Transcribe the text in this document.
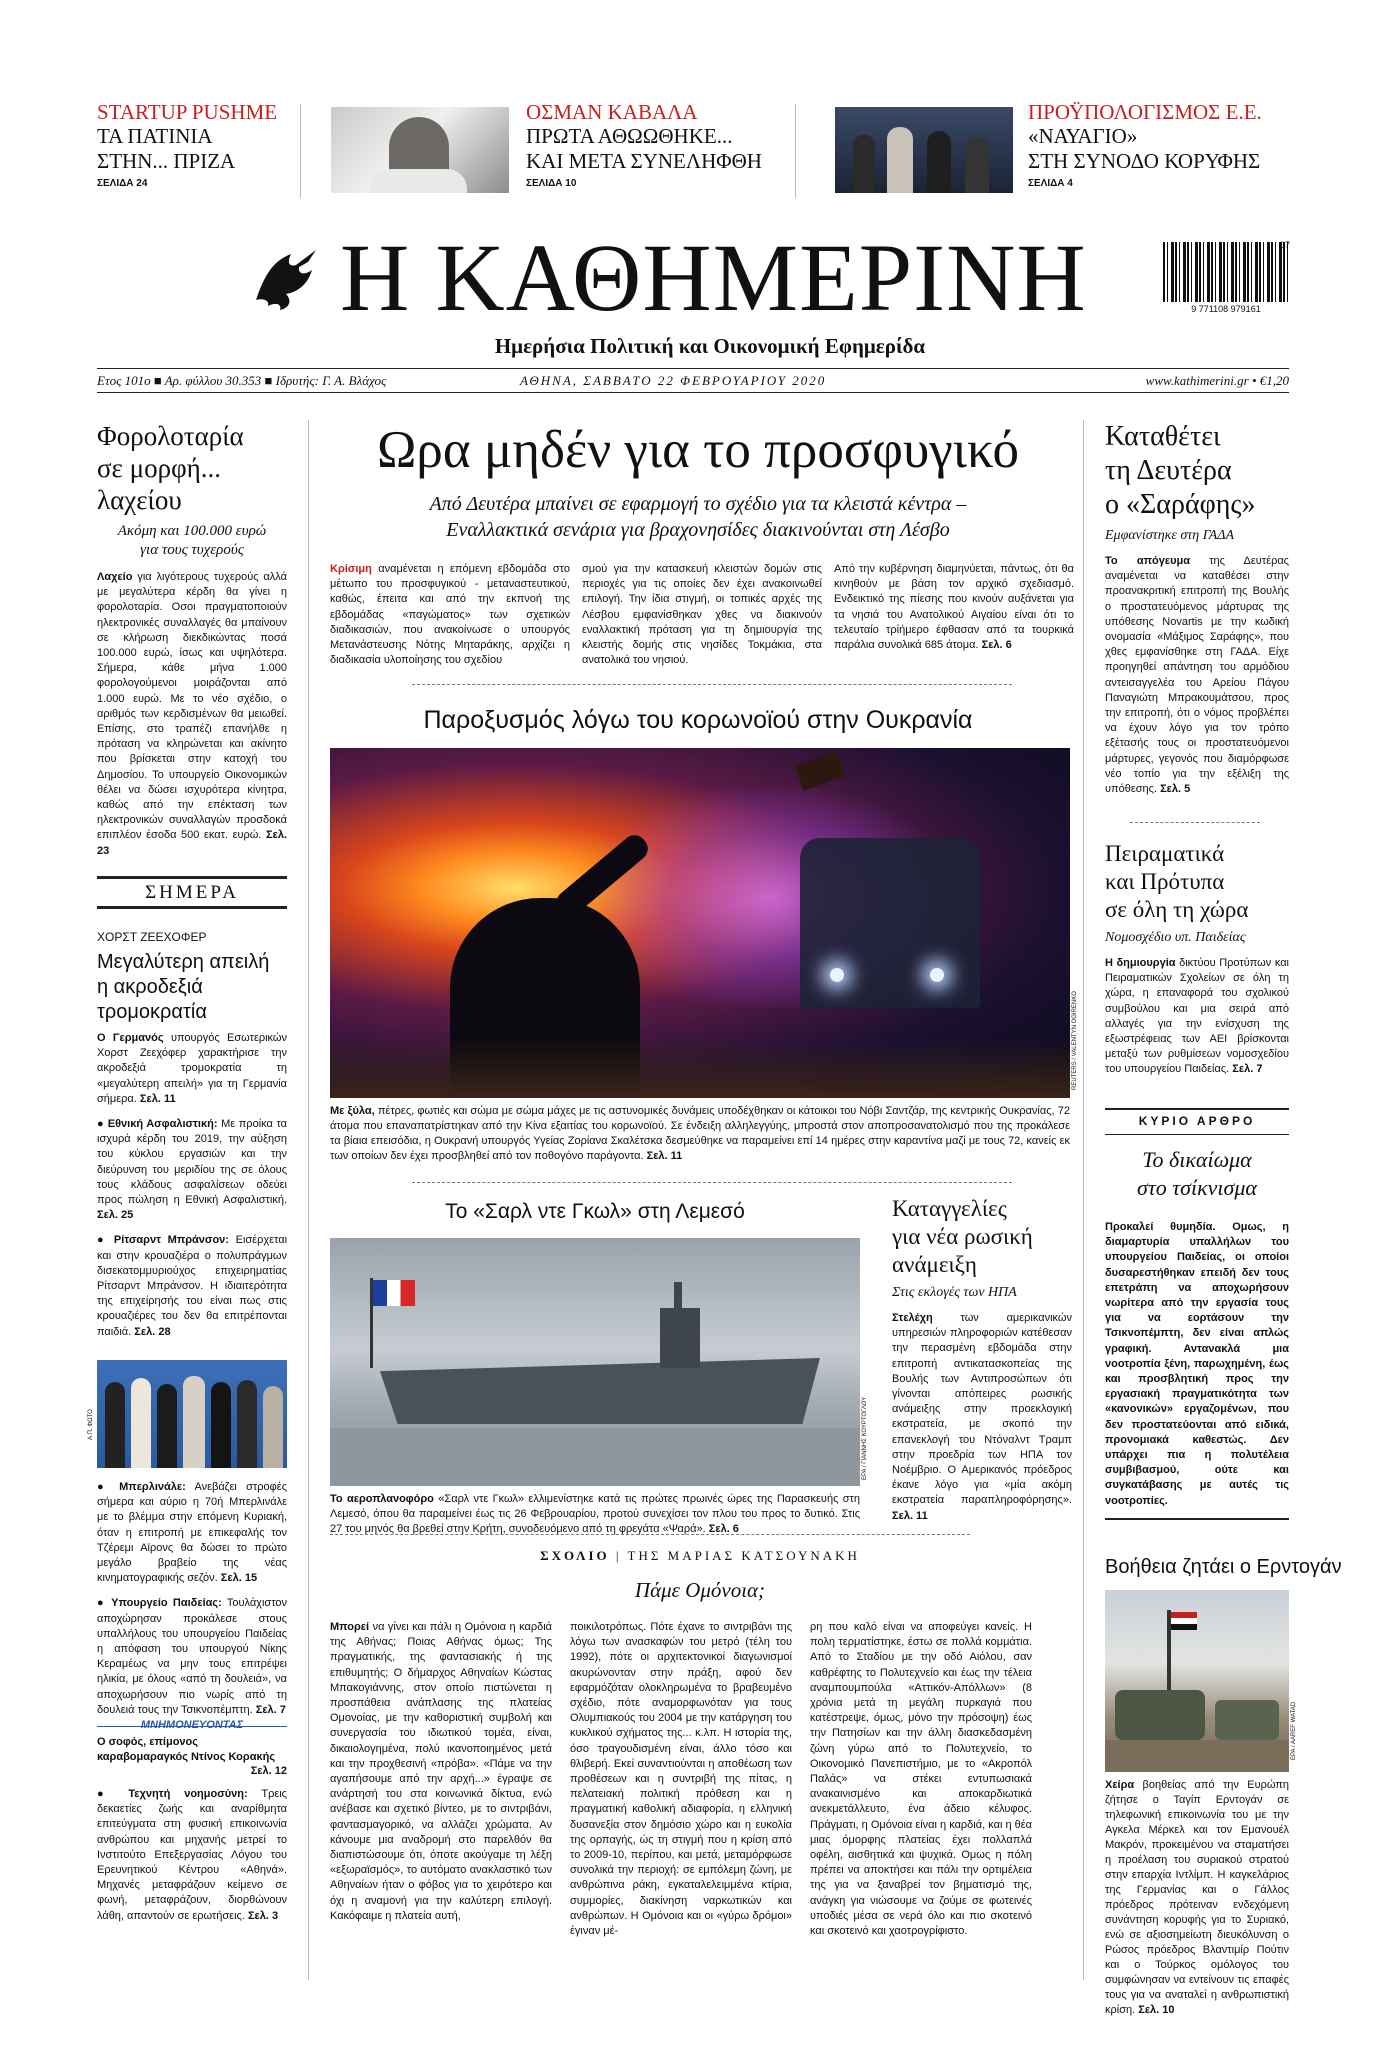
STARTUP PUSHME
ΤΑ ΠΑΤΙΝΙΑ
ΣΤΗΝ... ΠΡΙΖΑ
ΣΕΛΙΔΑ 24
ΟΣΜΑΝ ΚΑΒΑΛΑ
ΠΡΩΤΑ ΑΘΩΩΘΗΚΕ...
ΚΑΙ ΜΕΤΑ ΣΥΝΕΛΗΦΘΗ
ΣΕΛΙΔΑ 10
ΠΡΟΫΠΟΛΟΓΙΣΜΟΣ Ε.Ε.
«ΝΑΥΑΓΙΟ»
ΣΤΗ ΣΥΝΟΔΟ ΚΟΡΥΦΗΣ
ΣΕΛΙΔΑ 4
Η ΚΑΘΗΜΕΡΙΝΗ
Ημερήσια Πολιτική και Οικονομική Εφημερίδα
07
9 771108 979161
Ετος 101ο ■ Αρ. φύλλου 30.353 ■ Ιδρυτής: Γ. Α. Βλάχος	ΑΘΗΝΑ, ΣΑΒΒΑΤΟ 22 ΦΕΒΡΟΥΑΡΙΟΥ 2020	www.kathimerini.gr • €1,20
Φορολοταρία
σε μορφή...
λαχείου
Ακόμη και 100.000 ευρώ
για τους τυχερούς

Λαχείο για λιγότερους τυχερούς αλλά με μεγαλύτερα κέρδη θα γίνει η φορολοταρία. Οσοι πραγματοποιούν ηλεκτρονικές συναλλαγές θα μπαίνουν σε κλήρωση διεκδικώντας ποσά 100.000 ευρώ, ίσως και υψηλότερα. Σήμερα, κάθε μήνα 1.000 φορολογούμενοι μοιράζονται από 1.000 ευρώ. Με το νέο σχέδιο, ο αριθμός των κερδισμένων θα μειωθεί. Επίσης, στο τραπέζι επανήλθε η πρόταση να κληρώνεται και ακίνητο που βρίσκεται στην κατοχή του Δημοσίου. Το υπουργείο Οικονομικών θέλει να δώσει ισχυρότερα κίνητρα, καθώς από την επέκταση των ηλεκτρονικών συναλλαγών προσδοκά επιπλέον έσοδα 500 εκατ. ευρώ. Σελ. 23

ΣΗΜΕΡΑ
ΧΟΡΣΤ ΖΕΕΧΟΦΕΡ
Μεγαλύτερη απειλή
η ακροδεξιά
τρομοκρατία

Ο Γερμανός υπουργός Εσωτερικών Χορστ Ζεεχόφερ χαρακτήρισε την ακροδεξιά τρομοκρατία τη «μεγαλύτερη απειλή» για τη Γερμανία σήμερα. Σελ. 11

● Εθνική Ασφαλιστική: Με προίκα τα ισχυρά κέρδη του 2019, την αύξηση του κύκλου εργασιών και την διεύρυνση του μεριδίου της σε όλους τους κλάδους ασφαλίσεων οδεύει προς πώληση η Εθνική Ασφαλιστική. Σελ. 25

● Ρίτσαρντ Μπράνσον: Εισέρχεται και στην κρουαζιέρα ο πολυπράγμων δισεκατομμυριούχος επιχειρηματίας Ρίτσαρντ Μπράνσον. Η ιδιαιτερότητα της επιχείρησής του είναι πως στις κρουαζιέρες του δεν θα επιτρέπονται παιδιά. Σελ. 28

Α.Π. ΦΩΤΟ

● Μπερλινάλε: Ανεβάζει στροφές σήμερα και αύριο η 70ή Μπερλινάλε με το βλέμμα στην επόμενη Κυριακή, όταν η επιτροπή με επικεφαλής τον Τζέρεμι Αϊρονς θα δώσει το πρώτο μεγάλο βραβείο της νέας κινηματογραφικής σεζόν. Σελ. 15

● Υπουργείο Παιδείας: Τουλάχιστον αποχώρησαν προκάλεσε στους υπαλλήλους του υπουργείου Παιδείας η απόφαση του υπουργού Νίκης Κεραμέως να μην τους επιτρέψει ηλικία, με όλους «από τη δουλειά», να αποχωρήσουν πιο νωρίς από τη δουλειά τους την Τσικνοπέμπτη. Σελ. 7

ΜΝΗΜΟΝΕΥΟΝΤΑΣ
Ο σοφός, επίμονος καραβομαραγκός Ντίνος Κορακής
Σελ. 12

● Τεχνητή νοημοσύνη: Τρεις δεκαετίες ζωής και αναρίθμητα επιτεύγματα στη φυσική επικοινωνία ανθρώπου και μηχανής μετρεί το Ινστιτούτο Επεξεργασίας Λόγου του Ερευνητικού Κέντρου «Αθηνά». Μηχανές μεταφράζουν κείμενο σε φωνή, μεταφράζουν, διορθώνουν λάθη, απαντούν σε ερωτήσεις. Σελ. 3

Ωρα μηδέν για το προσφυγικό
Από Δευτέρα μπαίνει σε εφαρμογή το σχέδιο για τα κλειστά κέντρα –
Εναλλακτικά σενάρια για βραχονησίδες διακινούνται στη Λέσβο

Κρίσιμη αναμένεται η επόμενη εβδομάδα στο μέτωπο του προσφυγικού - μεταναστευτικού, καθώς, έπειτα και από την εκπνοή της εβδομάδας «παγώματος» των σχετικών διαδικασιών, που ανακοίνωσε ο υπουργός Μετανάστευσης Νότης Μηταράκης, αρχίζει η διαδικασία υλοποίησης του σχεδίου

σμού για την κατασκευή κλειστών δομών στις περιοχές για τις οποίες δεν έχει ανακοινωθεί επιλογή. Την ίδια στιγμή, οι τοπικές αρχές της Λέσβου εμφανίσθηκαν χθες να διακινούν εναλλακτική πρόταση για τη δημιουργία της κλειστής δομής στις νησίδες Τοκμάκια, στα ανατολικά του νησιού.

Από την κυβέρνηση διαμηνύεται, πάντως, ότι θα κινηθούν με βάση τον αρχικό σχεδιασμό. Ενδεικτικό της πίεσης που κινούν αυξάνεται για τα νησιά του Ανατολικού Αιγαίου είναι ότι το τελευταίο τρίήμερο έφθασαν από τα τουρκικά παράλια συνολικά 685 άτομα. Σελ. 6

Παροξυσμός λόγω του κορωνοϊού στην Ουκρανία
REUTERS / VALENTYN OGIRENKO

Με ξύλα, πέτρες, φωτιές και σώμα με σώμα μάχες με τις αστυνομικές δυνάμεις υποδέχθηκαν οι κάτοικοι του Νόβι Σαντζάρ, της κεντρικής Ουκρανίας, 72 άτομα που επαναπατρίστηκαν από την Κίνα εξαιτίας του κορωνοϊού. Σε ένδειξη αλληλεγγύης, μπροστά στον αποπροσανατολισμό που της προκάλεσε τα βίαια επεισόδια, η Ουκρανή υπουργός Υγείας Ζορίανα Σκαλέτσκα δεσμεύθηκε να παραμείνει επί 14 ημέρες στην καραντίνα μαζί με τους 72, κανείς εκ των οποίων δεν έχει προσβληθεί από τον ποθογόνο παράγοντα. Σελ. 11

Το «Σαρλ ντε Γκωλ» στη Λεμεσό
EPA / ΓΙΑΝΝΗΣ ΚΟΥΡΤΟΓΛΟΥ

Το αεροπλανοφόρο «Σαρλ ντε Γκωλ» ελλιμενίστηκε κατά τις πρώτες πρωινές ώρες της Παρασκευής στη Λεμεσό, όπου θα παραμείνει έως τις 26 Φεβρουαρίου, προτού συνεχίσει τον πλου του προς το δυτικό. Στις 27 του μηνός θα βρεθεί στην Κρήτη, συνοδευόμενο από τη φρεγάτα «Ψαρά». Σελ. 6

Καταγγελίες
για νέα ρωσική
ανάμειξη
Στις εκλογές των ΗΠΑ

Στελέχη	των αμερικανικών υπηρεσιών πληροφοριών κατέθεσαν την περασμένη εβδομάδα στην επιτροπή αντικατασκοπείας της Βουλής των Αντιπροσώπων ότι γίνονται απόπειρες ρωσικής ανάμειξης στην προεκλογική εκστρατεία, με σκοπό την επανεκλογή του Ντόναλντ Τραμπ στην προεδρία των ΗΠΑ τον Νοέμβριο. Ο Αμερικανός πρόεδρος έκανε λόγο για «μία ακόμη εκστρατεία παραπληροφόρησης». Σελ. 11

ΣΧΟΛΙΟ | ΤΗΣ ΜΑΡΙΑΣ ΚΑΤΣΟΥΝΑΚΗ
Πάμε Ομόνοια;

Μπορεί να γίνει και πάλι η Ομόνοια η καρδιά της Αθήνας; Ποιας Αθήνας όμως; Της πραγματικής, της φαντασιακής ή της επιθυμητής; Ο δήμαρχος Αθηναίων Κώστας Μπακογιάννης, στον οποίο πιστώνεται η προσπάθεια ανάπλασης της πλατείας Ομονοίας, με την καθοριστική συμβολή και συνεργασία του ιδιωτικού τομέα, είναι, δικαιολογημένα, πολύ ικανοποιημένος μετά και την προχθεσινή «πρόβα». «Πάμε να την αγαπήσουμε από την αρχή...» έγραψε σε ανάρτησή του στα κοινωνικά δίκτυα, ενώ ανέβασε και σχετικό βίντεο, με το σιντριβάνι, φαντασμαγορικό, να αλλάζει χρώματα. Αν κάνουμε μια αναδρομή στο παρελθόν θα διαπιστώσουμε ότι, όποτε ακούγαμε τη λέξη «εξωραϊσμός», το αυτόματο ανακλαστικό των Αθηναίων ήταν ο φόβος για το χειρότερο και όχι η αναμονή για την καλύτερη επιλογή. Κακόφαιμε η πλατεία αυτή,

ποικιλοτρόπως. Πότε έχανε το σιντριβάνι της λόγω των ανασκαφών του μετρό (τέλη του 1992), πότε οι αρχιτεκτονικοί διαγωνισμοί ακυρώνονταν στην πράξη, αφού δεν εφαρμόζόταν ολοκληρωμένα το βραβευμένο σχέδιο, πότε αναμορφωνόταν για τους Ολυμπιακούς του 2004 με την κατάργηση του κυκλικού σχήματος της... κ.λπ. Η ιστορία της, όσο τραγουδισμένη είναι, άλλο τόσο και θλιβερή. Εκεί συναντιούνται η αποθέωση των προθέσεων και η συντριβή της πίτας, η πελατειακή πολιτική πρόθεση και η πραγματική καθολική αδιαφορία, η ελληνική δυσανεξία στον δημόσιο χώρο και η ευκολία της ορπαγής, ώς τη στιγμή που η κρίση από το 2009-10, περίπου, και μετά, μεταμόρφωσε συνολικά την περιοχή: σε εμπόλεμη ζώνη, με ανθρώπινα ράκη, εγκαταλελειμμένα κτίρια, συμμορίες, διακίνηση ναρκωτικών και ανθρώπων. Η Ομόνοια και οι «γύρω δρόμοι» έγιναν μέ-

ρη που καλό είναι να αποφεύγει κανείς. Η πολη τερματίστηκε, έστω σε πολλά κομμάτια. Από το Σταδίου με την οδό Αιόλου, σαν καθρέφτης το Πολυτεχνείο και έως την τέλεια αναμπουμπούλα «Αττικόν-Απόλλων» (8 χρόνια μετά τη μεγάλη πυρκαγιά που κατέστρεψε, όμως, μόνο την πρόσοψη) έως την Πατησίων και την άλλη διασκεδασμένη ζώνη γύρω από το Πολυτεχνείο, το Οικονομικό Πανεπιστήμιο, με το «Ακροπόλ Παλάς» να στέκει εντυπωσιακά ανακαινισμένο και αποκαρδιωτικά ανεκμετάλλευτο, ένα άδειο κέλυφος. Πράγματι, η Ομόνοια είναι η καρδιά, και η θέα μιας όμορφης πλατείας έχει πολλαπλά οφέλη, αισθητικά και ψυχικά. Ομως η πόλη πρέπει να αποκτήσει και πάλι την ορτιμέλεια της για να ξαναβρεί τον βηματισμό της, ανάγκη για νιώσουμε να ζούμε σε φωτεινές υποδιές μέσα σε νερά όλο και πιο σκοτεινό και σκοτεινό και χαοτρογρίφιστο.

Καταθέτει
τη Δευτέρα
ο «Σαράφης»
Εμφανίστηκε στη ΓΑΔΑ

Το απόγευμα της Δευτέρας αναμένεται να καταθέσει στην προανακριτική επιτροπή της Βουλής ο προστατευόμενος μάρτυρας της υπόθεσης Novartis με την κωδική ονομασία «Μάξιμος Σαράφης», που χθες εμφανίσθηκε στη ΓΑΔΑ. Είχε προηγηθεί απάντηση του αρμόδιου αντεισαγγελέα του Αρείου Πάγου Παναγιώτη Μπρακουμάτσου, προς την επιτροπή, ότι ο νόμος προβλέπει να έχουν λόγο για τον τρόπο εξέτασής τους οι προστατευόμενοι μάρτυρες, γεγονός που διαμόρφωσε νέο τοπίο για την εξέλιξη της υπόθεσης. Σελ. 5

Πειραματικά
και Πρότυπα
σε όλη τη χώρα
Νομοσχέδιο υπ. Παιδείας

Η δημιουργία δικτύου Προτύπων και Πειραματικών Σχολείων σε όλη τη χώρα, η επαναφορά του σχολικού συμβούλου και μια σειρά από αλλαγές για την ενίσχυση της εξωστρέφειας των ΑΕΙ βρίσκονται μεταξύ των ρυθμίσεων νομοσχεδίου του υπουργείου Παιδείας. Σελ. 7

ΚΥΡΙΟ ΑΡΘΡΟ
Το δικαίωμα
στο τσίκνισμα

Προκαλεί θυμηδία. Ομως, η διαμαρτυρία υπαλλήλων του υπουργείου Παιδείας, οι οποίοι δυσαρεστήθηκαν επειδή δεν τους επετράπη να αποχωρήσουν νωρίτερα από την εργασία τους για να εορτάσουν την Τσικνοπέμπτη, δεν είναι απλώς γραφική. Αντανακλά μια νοοτροπία ξένη, παρωχημένη, έως και προσβλητική προς την εργασιακή πραγματικότητα των «κανονικών» εργαζομένων, που δεν προστατεύονται από ειδικά, προνομιακά καθεστώς. Δεν υπάρχει πια η πολυτέλεια συμβιβασμού, ούτε και συγκατάβασης με αυτές τις νοοτροπίες.

Βοήθεια ζητάει ο Ερντογάν
EPA / AAREF WATAD

Χείρα βοηθείας από την Ευρώπη ζήτησε ο Ταγίπ Ερντογάν σε τηλεφωνική επικοινωνία του με την Αγκελα Μέρκελ και τον Εμανουέλ Μακρόν, προκειμένου να σταματήσει η προέλαση του συριακού στρατού στην επαρχία Ιντλίμπ. Η καγκελάριος της Γερμανίας και ο Γάλλος πρόεδρος πρότειναν ενδεχόμενη συνάντηση κορυφής για το Συριακό, ενώ σε αξιοσημείωτη διευκόλυνση ο Ρώσος πρόεδρος Βλαντιμίρ Πούτιν και ο Τούρκος ομόλογος του συμφώνησαν να εντείνουν τις επαφές τους για να αναταλεί η ανθρωπιστική κρίση. Σελ. 10
